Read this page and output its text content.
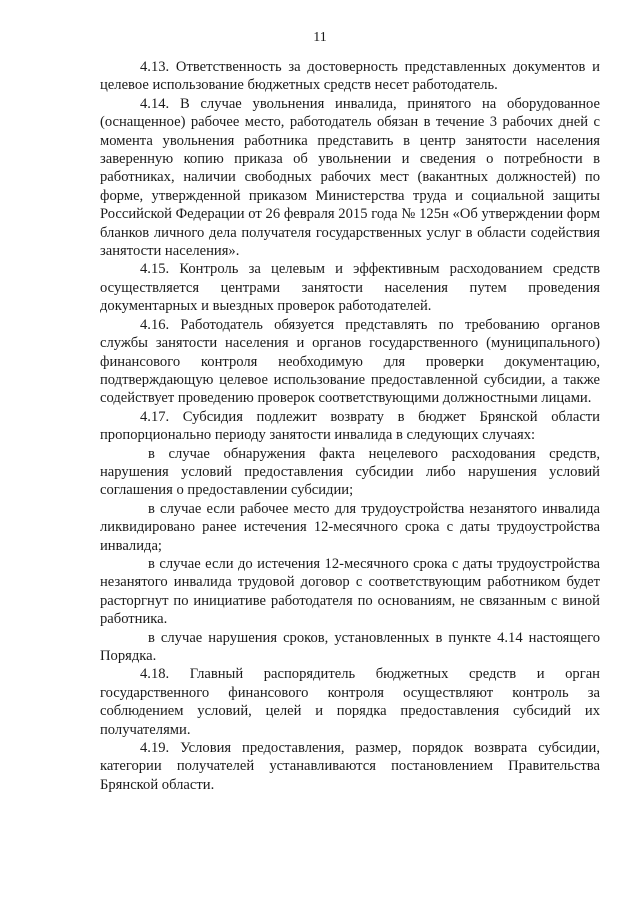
11

4.13. Ответственность за достоверность представленных документов и целевое использование бюджетных средств несет работодатель.

4.14. В случае увольнения инвалида, принятого на оборудованное (оснащенное) рабочее место, работодатель обязан в течение 3 рабочих дней с момента увольнения работника представить в центр занятости населения заверенную копию приказа об увольнении и сведения о потребности в работниках, наличии свободных рабочих мест (вакантных должностей) по форме, утвержденной приказом Министерства труда и социальной защиты Российской Федерации от 26 февраля 2015 года № 125н «Об утверждении форм бланков личного дела получателя государственных услуг в области содействия занятости населения».

4.15. Контроль за целевым и эффективным расходованием средств осуществляется центрами занятости населения путем проведения документарных и выездных проверок работодателей.

4.16. Работодатель обязуется представлять по требованию органов службы занятости населения и органов государственного (муниципального) финансового контроля необходимую для проверки документацию, подтверждающую целевое использование предоставленной субсидии, а также содействует проведению проверок соответствующими должностными лицами.

4.17. Субсидия подлежит возврату в бюджет Брянской области пропорционально периоду занятости инвалида в следующих случаях:

в случае обнаружения факта нецелевого расходования средств, нарушения условий предоставления субсидии либо нарушения условий соглашения о предоставлении субсидии;

в случае если рабочее место для трудоустройства незанятого инвалида ликвидировано ранее истечения 12-месячного срока с даты трудоустройства инвалида;

в случае если до истечения 12-месячного срока с даты трудоустройства незанятого инвалида трудовой договор с соответствующим работником будет расторгнут по инициативе работодателя по основаниям, не связанным с виной работника.

в случае нарушения сроков, установленных в пункте 4.14 настоящего Порядка.

4.18. Главный распорядитель бюджетных средств и орган государственного финансового контроля осуществляют контроль за соблюдением условий, целей и порядка предоставления субсидий их получателями.

4.19. Условия предоставления, размер, порядок возврата субсидии, категории получателей устанавливаются постановлением Правительства Брянской области.
